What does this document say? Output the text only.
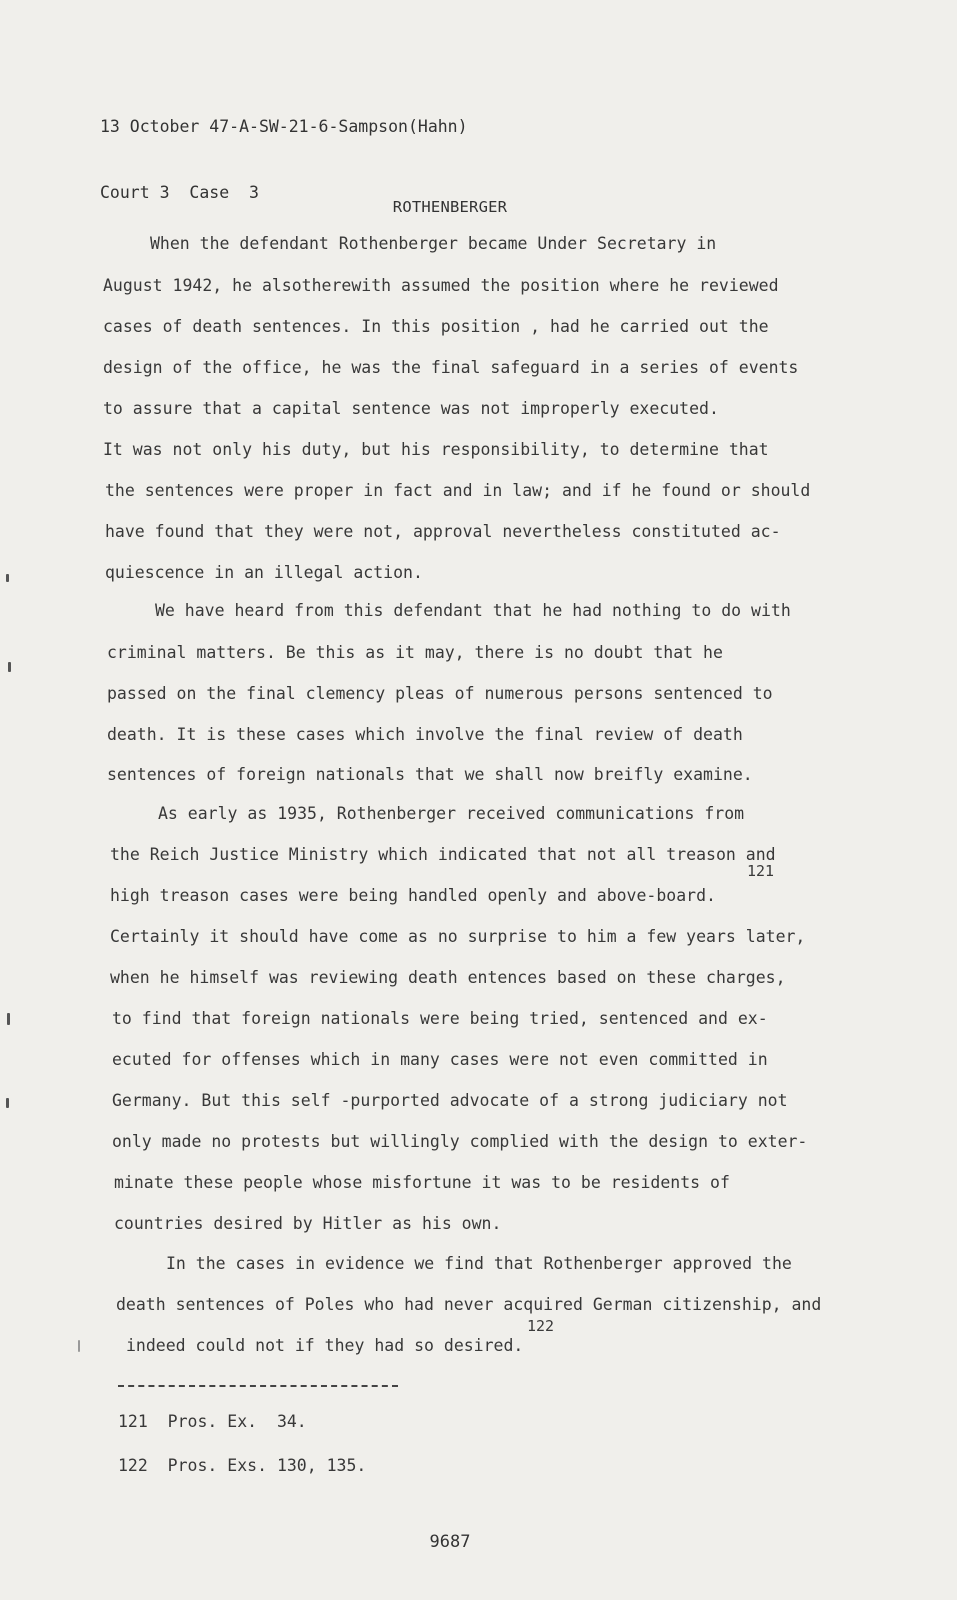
13 October 47-A-SW-21-6-Sampson(Hahn)

Court 3  Case  3

ROTHENBERGER
When the defendant Rothenberger became Under Secretary in
August 1942, he alsotherewith assumed the position where he reviewed
cases of death sentences. In this position , had he carried out the
design of the office, he was the final safeguard in a series of events
to assure that a capital sentence was not improperly executed.
It was not only his duty, but his responsibility, to determine that
the sentences were proper in fact and in law; and if he found or should
have found that they were not, approval nevertheless constituted ac-
quiescence in an illegal action.
We have heard from this defendant that he had nothing to do with
criminal matters. Be this as it may, there is no doubt that he
passed on the final clemency pleas of numerous persons sentenced to
death. It is these cases which involve the final review of death
sentences of foreign nationals that we shall now breifly examine.
As early as 1935, Rothenberger received communications from
the Reich Justice Ministry which indicated that not all treason and
121
high treason cases were being handled openly and above-board.
Certainly it should have come as no surprise to him a few years later,
when he himself was reviewing death entences based on these charges,
to find that foreign nationals were being tried, sentenced and ex-
ecuted for offenses which in many cases were not even committed in
Germany. But this self -purported advocate of a strong judiciary not
only made no protests but willingly complied with the design to exter-
minate these people whose misfortune it was to be residents of
countries desired by Hitler as his own.
In the cases in evidence we find that Rothenberger approved the
death sentences of Poles who had never acquired German citizenship, and
122
indeed could not if they had so desired.
121  Pros. Ex.  34.
122  Pros. Exs. 130, 135.
9687
